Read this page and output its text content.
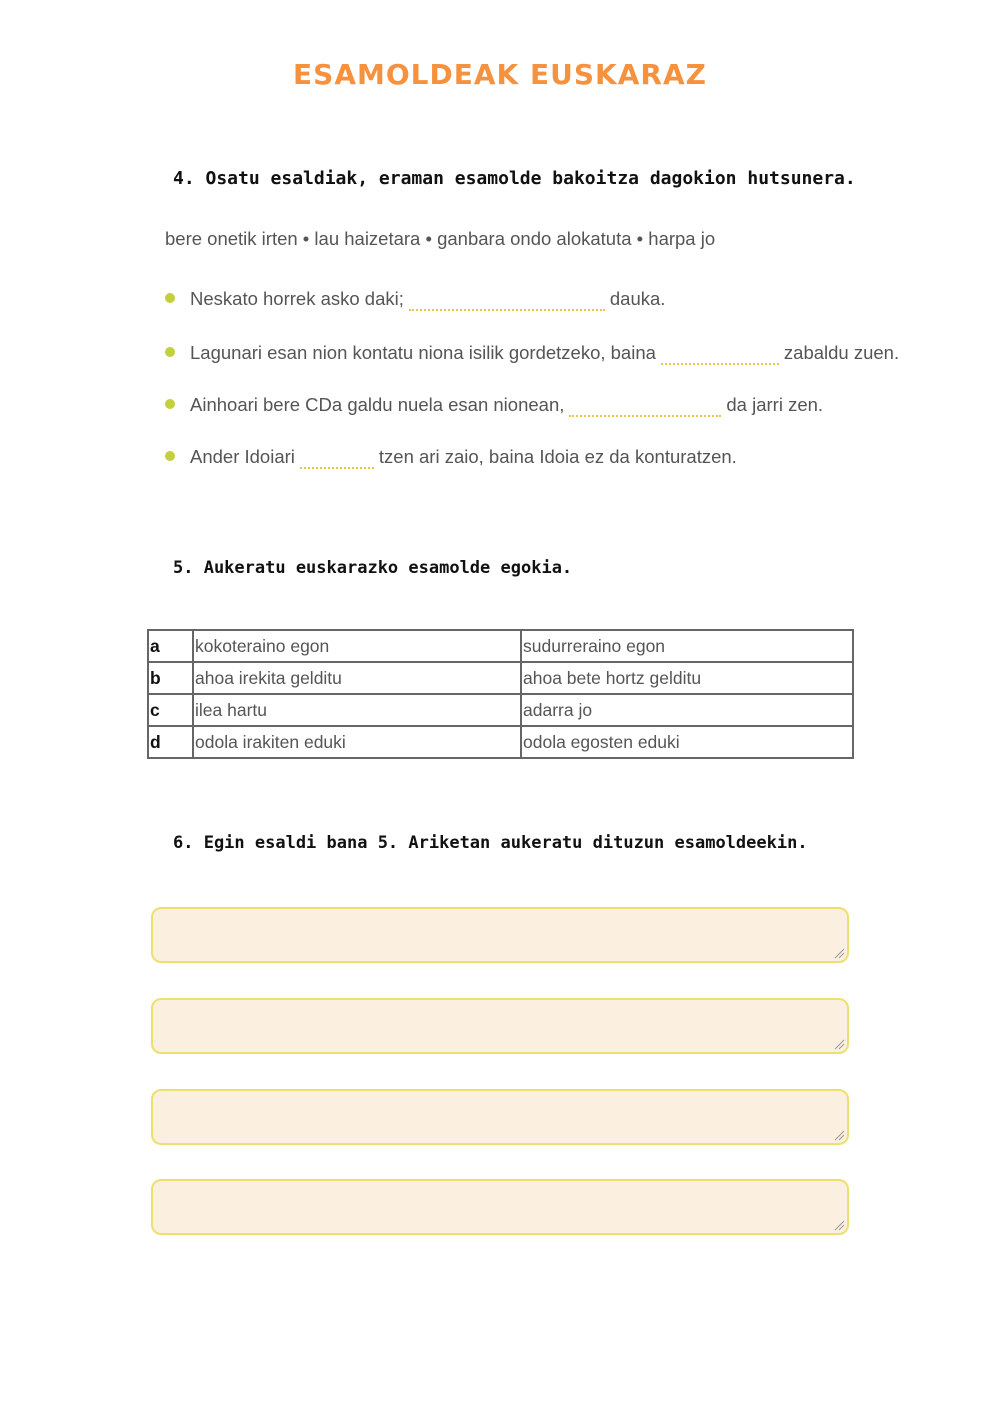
ESAMOLDEAK EUSKARAZ
4. Osatu esaldiak, eraman esamolde bakoitza dagokion hutsunera.
bere onetik irten • lau haizetara • ganbara ondo alokatuta • harpa jo
Neskato horrek asko daki;	dauka.
Lagunari esan nion kontatu niona isilik gordetzeko, baina	zabaldu zuen.
Ainhoari bere CDa galdu nuela esan nionean,	da jarri zen.
Ander Idoiari	tzen ari zaio, baina Idoia ez da konturatzen.
5. Aukeratu euskarazko esamolde egokia.
a	kokoteraino egon	sudurreraino egon
b	ahoa irekita gelditu	ahoa bete hortz gelditu
c	ilea hartu	adarra jo
d	odola irakiten eduki	odola egosten eduki
6. Egin esaldi bana 5. Ariketan aukeratu dituzun esamoldeekin.
